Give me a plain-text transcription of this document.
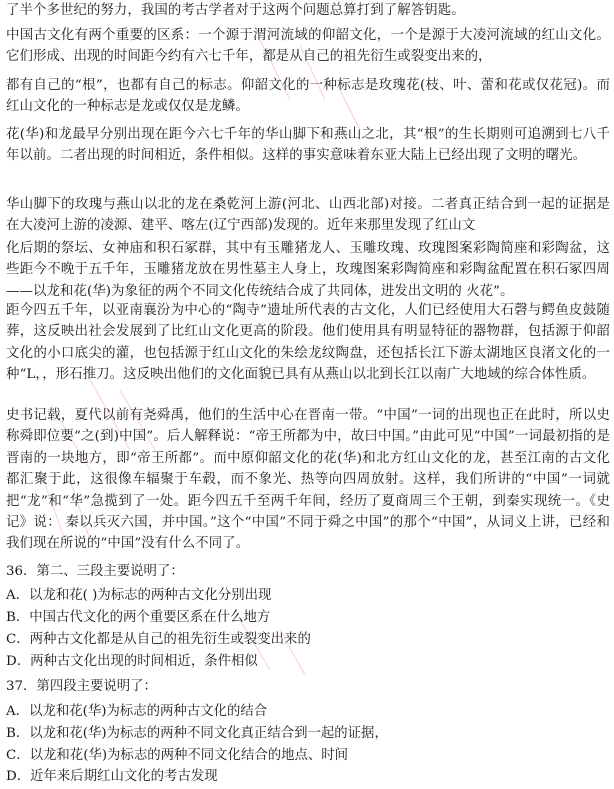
了半个多世纪的努力，我国的考古学者对于这两个问题总算打到了解答钥匙。

中国古文化有两个重要的区系：一个源于渭河流域的仰韶文化，一个是源于大凌河流域的红山文化。它们形成、出现的时间距今约有六七千年，都是从自己的祖先衍生或裂变出来的，

都有自己的“根”，也都有自己的标志。仰韶文化的一种标志是玫瑰花(枝、叶、蕾和花或仅花冠)。而红山文化的一种标志是龙或仅仅是龙鳞。

花(华)和龙最早分别出现在距今六七千年的华山脚下和燕山之北，其“根”的生长期则可追溯到七八千年以前。二者出现的时间相近，条件相似。这样的事实意味着东亚大陆上已经出现了文明的曙光。

华山脚下的玫瑰与燕山以北的龙在桑乾河上游(河北、山西北部)对接。二者真正结合到一起的证据是在大凌河上游的凌源、建平、喀左(辽宁西部)发现的。近年来那里发现了红山文

化后期的祭坛、女神庙和积石冢群，其中有玉雕猪龙人、玉雕玫瑰、玫瑰图案彩陶简座和彩陶盆，这些距今不晚于五千年，玉雕猪龙放在男性墓主人身上，玫瑰图案彩陶简座和彩陶盆配置在积石冢四周——以龙和花(华)为象征的两个不同文化传统结合成了共同体，进发出文明的 火花”。

距今四五千年，以亚南襄汾为中心的“陶寺”遗址所代表的古文化，人们已经使用大石磬与鳄鱼皮鼓随葬，这反映出社会发展到了比红山文化更高的阶段。他们使用具有明显特征的器物群，包括源于仰韶文化的小口底尖的灌，也包括源于红山文化的朱绘龙纹陶盘，还包括长江下游太湖地区良渚文化的一种“L，，形石推刀。这反映出他们的文化面貌已具有从燕山以北到长江以南广大地域的综合体性质。

史书记载，夏代以前有尧舜禹，他们的生活中心在晋南一带。“中国”一词的出现也正在此时，所以史称舜即位要“之(到)中国”。后人解释说：“帝王所都为中，故曰中国。”由此可见“中国”一词最初指的是晋南的一块地方，即“帝王所都”。而中原仰韶文化的花(华)和北方红山文化的龙，甚至江南的古文化都汇聚于此，这很像车辐聚于车毂，而不象光、热等向四周放射。这样，我们所讲的“中国”一词就把“龙”和“华”急揽到了一处。距今四五千至两千年间，经历了夏商周三个王朝，到秦实现统一。《史记》说： 秦以兵灭六国，并中国。”这个“中国”不同于舜之中国”的那个“中国”，从词义上讲，已经和我们现在所说的“中国”没有什么不同了。

36．第二、三段主要说明了：
A．以龙和花( )为标志的两种古文化分别出现
B．中国古代文化的两个重要区系在什么地方
C．两种古文化都是从自己的祖先衍生或裂变出来的
D．两种古文化出现的时间相近，条件相似
37．第四段主要说明了：
A．以龙和花(华)为标志的两种古文化的结合
B．以龙和花(华)为标志的两种不同文化真正结合到一起的证据，
C．以龙和花(华)为标志的两种不同文化结合的地点、时间
D．近年来后期红山文化的考古发现
